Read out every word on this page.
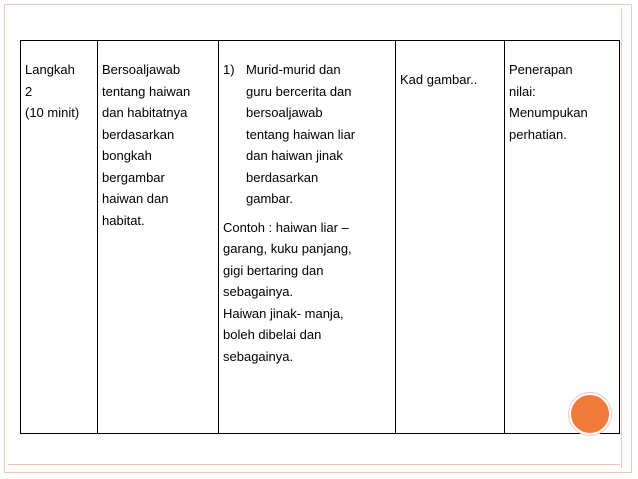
Langkah
2
(10 minit)

Bersoaljawab
tentang haiwan
dan habitatnya
berdasarkan
bongkah
bergambar
haiwan dan
habitat.

1) Murid-murid dan
guru bercerita dan
bersoaljawab
tentang haiwan liar
dan haiwan jinak
berdasarkan
gambar.
Contoh : haiwan liar –
garang, kuku panjang,
gigi bertaring dan
sebagainya.
Haiwan jinak- manja,
boleh dibelai dan
sebagainya.

Kad gambar..

Penerapan
nilai:
Menumpukan
perhatian.
